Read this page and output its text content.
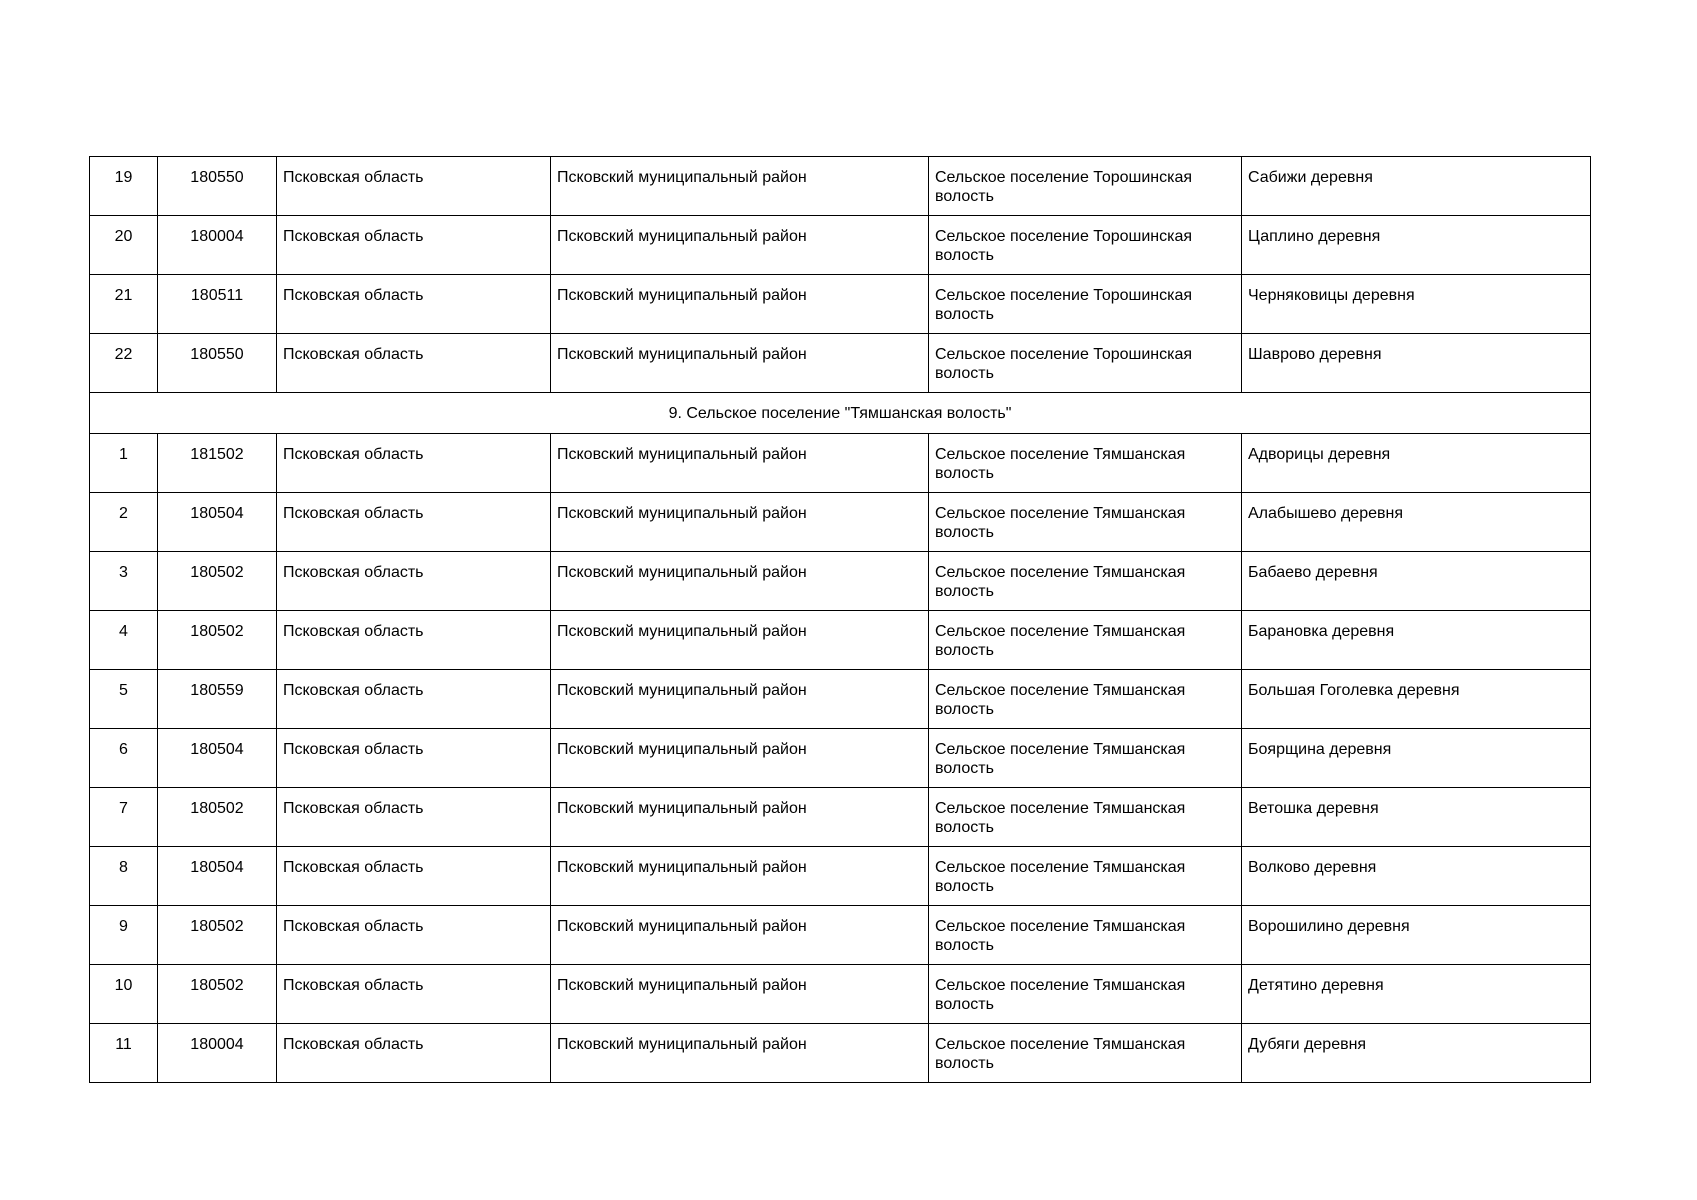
19	180550	Псковская область	Псковский муниципальный район	Сельское поселение Торошинская волость	Сабижи деревня
20	180004	Псковская область	Псковский муниципальный район	Сельское поселение Торошинская волость	Цаплино деревня
21	180511	Псковская область	Псковский муниципальный район	Сельское поселение Торошинская волость	Черняковицы деревня
22	180550	Псковская область	Псковский муниципальный район	Сельское поселение Торошинская волость	Шаврово деревня
9. Сельское поселение "Тямшанская волость"					
1	181502	Псковская область	Псковский муниципальный район	Сельское поселение Тямшанская волость	Адворицы деревня
2	180504	Псковская область	Псковский муниципальный район	Сельское поселение Тямшанская волость	Алабышево деревня
3	180502	Псковская область	Псковский муниципальный район	Сельское поселение Тямшанская волость	Бабаево деревня
4	180502	Псковская область	Псковский муниципальный район	Сельское поселение Тямшанская волость	Барановка деревня
5	180559	Псковская область	Псковский муниципальный район	Сельское поселение Тямшанская волость	Большая Гоголевка деревня
6	180504	Псковская область	Псковский муниципальный район	Сельское поселение Тямшанская волость	Боярщина деревня
7	180502	Псковская область	Псковский муниципальный район	Сельское поселение Тямшанская волость	Ветошка деревня
8	180504	Псковская область	Псковский муниципальный район	Сельское поселение Тямшанская волость	Волково деревня
9	180502	Псковская область	Псковский муниципальный район	Сельское поселение Тямшанская волость	Ворошилино деревня
10	180502	Псковская область	Псковский муниципальный район	Сельское поселение Тямшанская волость	Детятино деревня
11	180004	Псковская область	Псковский муниципальный район	Сельское поселение Тямшанская волость	Дубяги деревня
